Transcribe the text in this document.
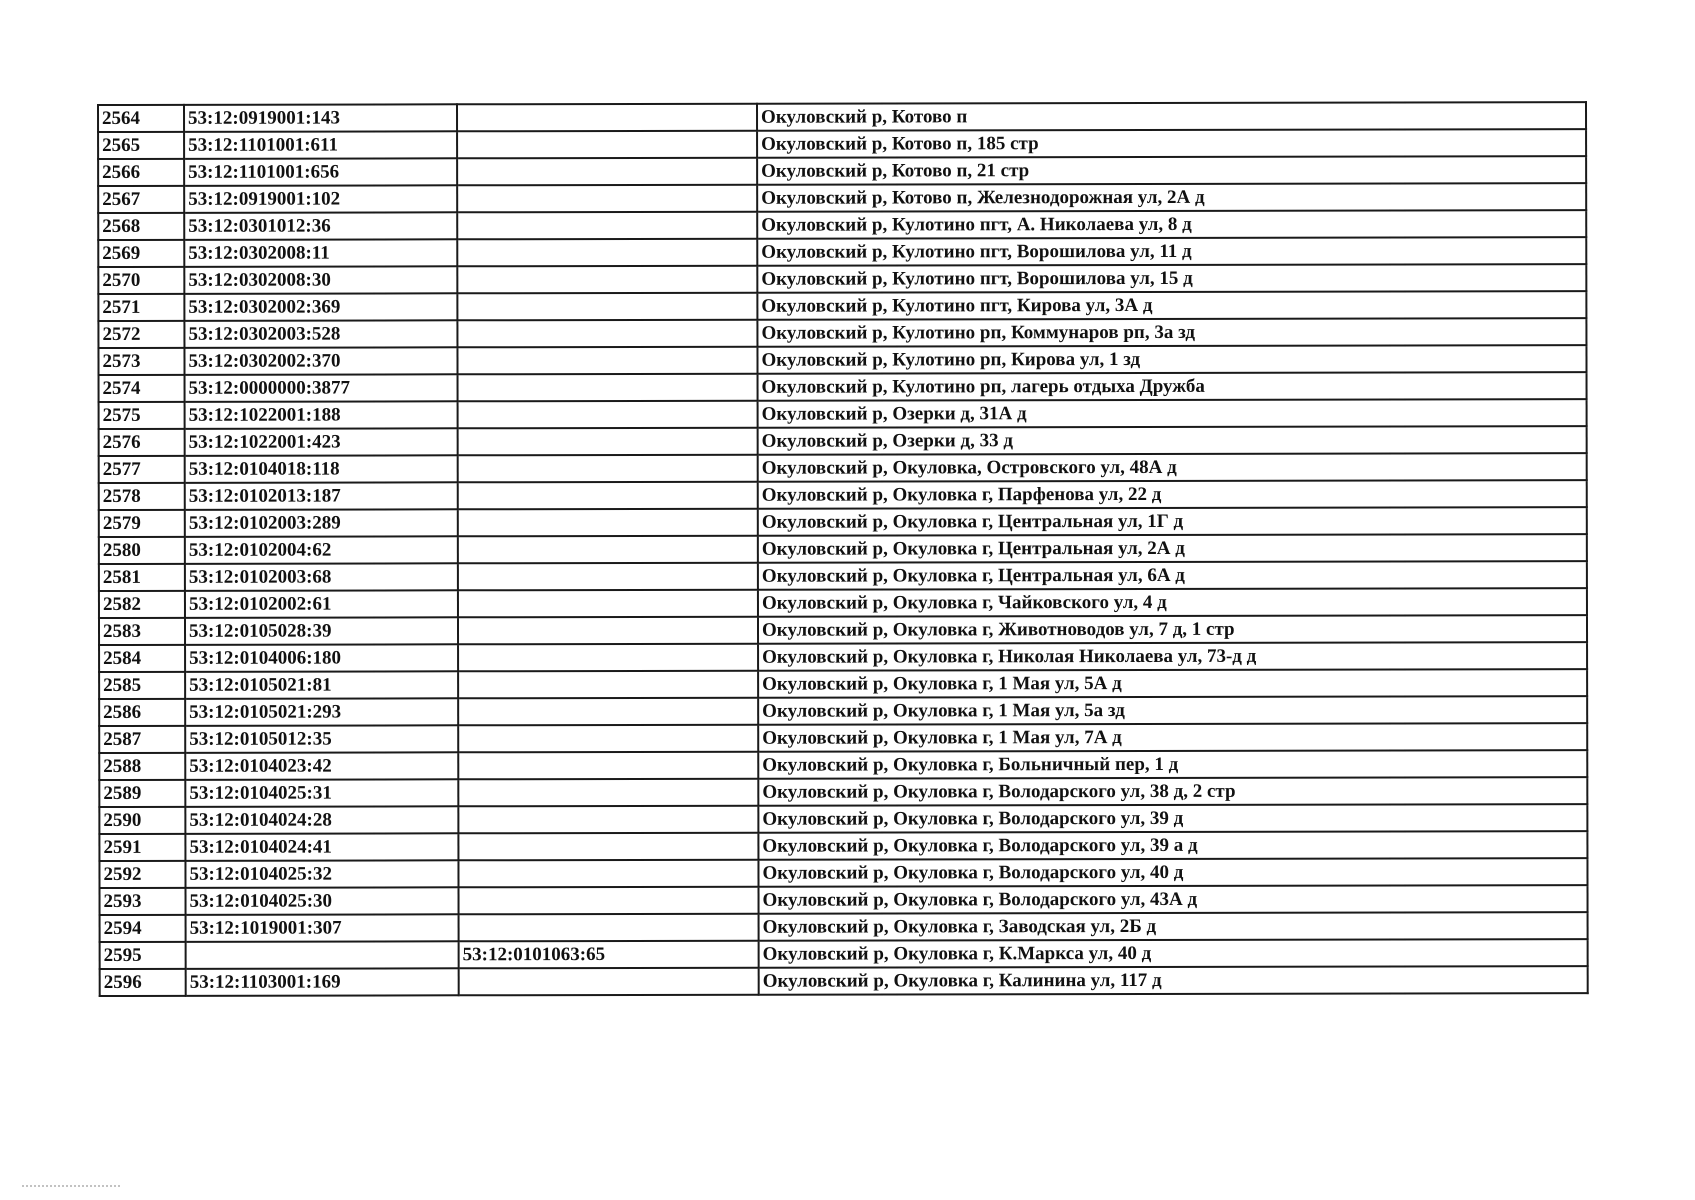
2564	53:12:0919001:143		Окуловский р, Котово п
2565	53:12:1101001:611		Окуловский р, Котово п, 185 стр
2566	53:12:1101001:656		Окуловский р, Котово п, 21 стр
2567	53:12:0919001:102		Окуловский р, Котово п, Железнодорожная ул, 2А д
2568	53:12:0301012:36		Окуловский р, Кулотино пгт, А. Николаева ул, 8 д
2569	53:12:0302008:11		Окуловский р, Кулотино пгт, Ворошилова ул, 11 д
2570	53:12:0302008:30		Окуловский р, Кулотино пгт, Ворошилова ул, 15 д
2571	53:12:0302002:369		Окуловский р, Кулотино пгт, Кирова ул, 3А д
2572	53:12:0302003:528		Окуловский р, Кулотино рп, Коммунаров рп, 3а зд
2573	53:12:0302002:370		Окуловский р, Кулотино рп, Кирова ул, 1 зд
2574	53:12:0000000:3877		Окуловский р, Кулотино рп, лагерь отдыха Дружба
2575	53:12:1022001:188		Окуловский р, Озерки д, 31А д
2576	53:12:1022001:423		Окуловский р, Озерки д, 33 д
2577	53:12:0104018:118		Окуловский р, Окуловка, Островского ул, 48А д
2578	53:12:0102013:187		Окуловский р, Окуловка г, Парфенова ул, 22 д
2579	53:12:0102003:289		Окуловский р, Окуловка г, Центральная ул, 1Г д
2580	53:12:0102004:62		Окуловский р, Окуловка г, Центральная ул, 2А д
2581	53:12:0102003:68		Окуловский р, Окуловка г, Центральная ул, 6А д
2582	53:12:0102002:61		Окуловский р, Окуловка г, Чайковского ул, 4 д
2583	53:12:0105028:39		Окуловский р, Окуловка г, Животноводов ул, 7 д, 1 стр
2584	53:12:0104006:180		Окуловский р, Окуловка г, Николая Николаева ул, 73-д д
2585	53:12:0105021:81		Окуловский р, Окуловка г, 1 Мая ул, 5А д
2586	53:12:0105021:293		Окуловский р, Окуловка г, 1 Мая ул, 5а зд
2587	53:12:0105012:35		Окуловский р, Окуловка г, 1 Мая ул, 7А д
2588	53:12:0104023:42		Окуловский р, Окуловка г, Больничный пер, 1 д
2589	53:12:0104025:31		Окуловский р, Окуловка г, Володарского ул, 38 д, 2 стр
2590	53:12:0104024:28		Окуловский р, Окуловка г, Володарского ул, 39 д
2591	53:12:0104024:41		Окуловский р, Окуловка г, Володарского ул, 39 а д
2592	53:12:0104025:32		Окуловский р, Окуловка г, Володарского ул, 40 д
2593	53:12:0104025:30		Окуловский р, Окуловка г, Володарского ул, 43А д
2594	53:12:1019001:307		Окуловский р, Окуловка г, Заводская ул, 2Б д
2595		53:12:0101063:65	Окуловский р, Окуловка г, К.Маркса ул, 40 д
2596	53:12:1103001:169		Окуловский р, Окуловка г, Калинина ул, 117 д
